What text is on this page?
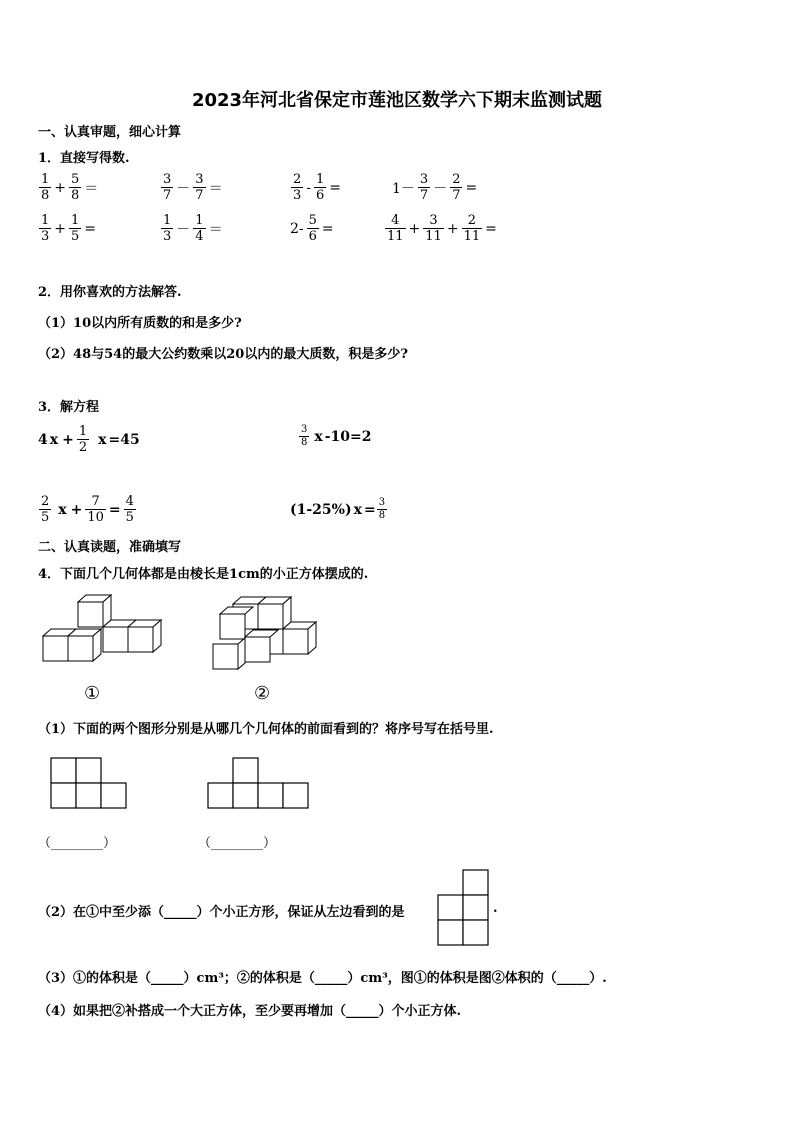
2023年河北省保定市莲池区数学六下期末监测试题
一、认真审题，细心计算
1．直接写得数.
$\frac{1}{8} + \frac{5}{8}$ ＝	$\frac{3}{7} - \frac{3}{7}$ ＝	$\frac{2}{3} - \frac{1}{6}$ =	$1- \frac{3}{7} - \frac{2}{7}$ =
$\frac{1}{3} + \frac{1}{5}$ =	$\frac{1}{3} - \frac{1}{4}$ ＝	$2- \frac{5}{6}$ =	$\frac{4}{11} + \frac{3}{11} + \frac{2}{11}$ =
2．用你喜欢的方法解答.
（1）10以内所有质数的和是多少?
（2）48与54的最大公约数乘以20以内的最大质数，积是多少?
3．解方程
4 $x + \frac{1}{2}$ x =45	$\frac{3}{8}$ x -10=2
$\frac{2}{5}$ $x + \frac{7}{10} = \frac{4}{5}$	(1-25%) $x = \frac{3}{8}$
二、认真读题，准确填写
4．下面几个几何体都是由棱长是1cm的小正方体摆成的.
①	②
（1）下面的两个图形分别是从哪几个几何体的前面看到的？将序号写在括号里.
（________）	（________）
（2）在①中至少添（_____）个小正方形，保证从左边看到的是	.
（3）①的体积是（_____）cm³；②的体积是（_____）cm³，图①的体积是图②体积的（_____）.
（4）如果把②补搭成一个大正方体，至少要再增加（_____）个小正方体.
